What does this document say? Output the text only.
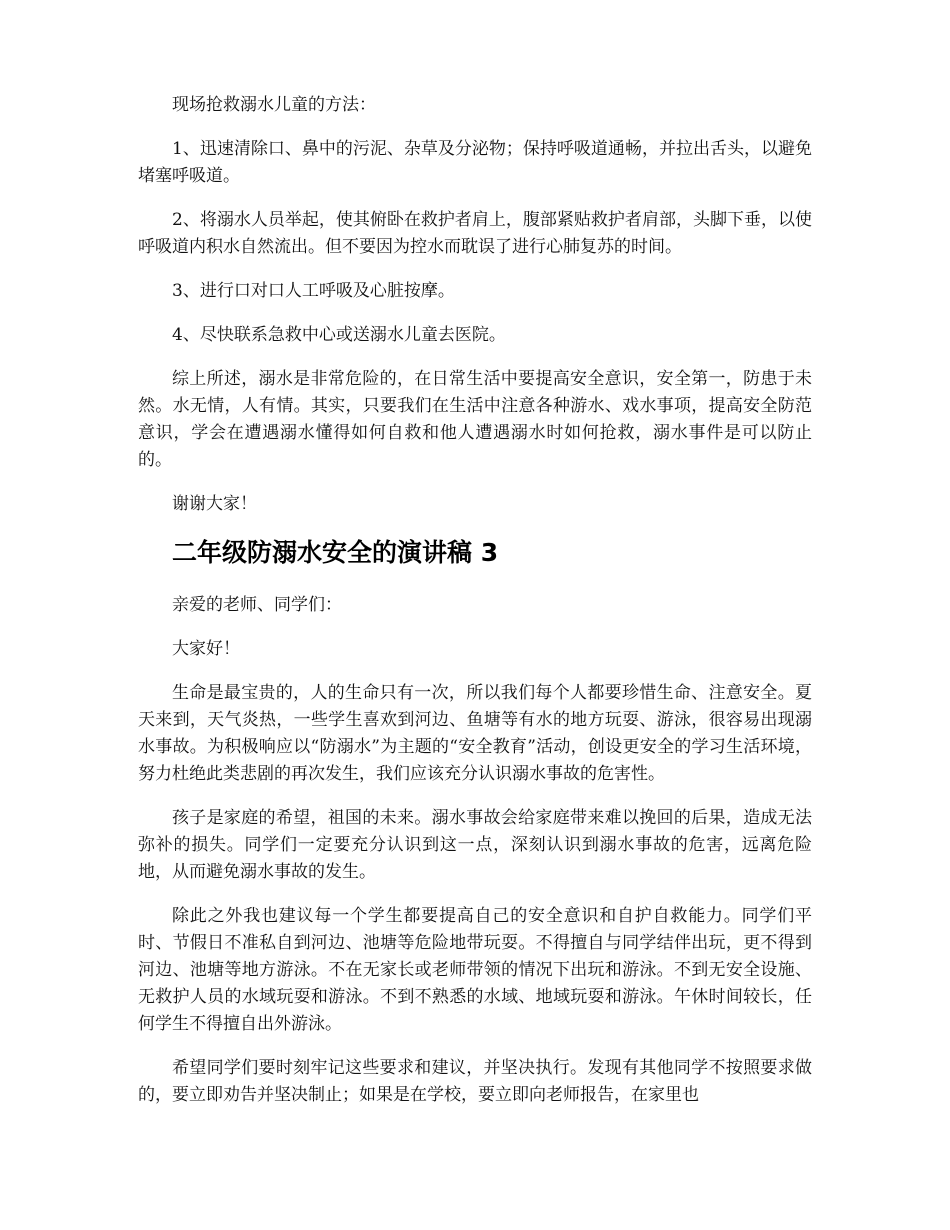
现场抢救溺水儿童的方法：

1、迅速清除口、鼻中的污泥、杂草及分泌物；保持呼吸道通畅，并拉出舌头，以避免堵塞呼吸道。

2、将溺水人员举起，使其俯卧在救护者肩上，腹部紧贴救护者肩部，头脚下垂，以使呼吸道内积水自然流出。但不要因为控水而耽误了进行心肺复苏的时间。

3、进行口对口人工呼吸及心脏按摩。

4、尽快联系急救中心或送溺水儿童去医院。

综上所述，溺水是非常危险的，在日常生活中要提高安全意识，安全第一，防患于未然。水无情，人有情。其实，只要我们在生活中注意各种游水、戏水事项，提高安全防范意识，学会在遭遇溺水懂得如何自救和他人遭遇溺水时如何抢救，溺水事件是可以防止的。

谢谢大家！

二年级防溺水安全的演讲稿 3

亲爱的老师、同学们：

大家好！

生命是最宝贵的，人的生命只有一次，所以我们每个人都要珍惜生命、注意安全。夏天来到，天气炎热，一些学生喜欢到河边、鱼塘等有水的地方玩耍、游泳，很容易出现溺水事故。为积极响应以“防溺水”为主题的“安全教育”活动，创设更安全的学习生活环境，努力杜绝此类悲剧的再次发生，我们应该充分认识溺水事故的危害性。

孩子是家庭的希望，祖国的未来。溺水事故会给家庭带来难以挽回的后果，造成无法弥补的损失。同学们一定要充分认识到这一点，深刻认识到溺水事故的危害，远离危险地，从而避免溺水事故的发生。

除此之外我也建议每一个学生都要提高自己的安全意识和自护自救能力。同学们平时、节假日不准私自到河边、池塘等危险地带玩耍。不得擅自与同学结伴出玩，更不得到河边、池塘等地方游泳。不在无家长或老师带领的情况下出玩和游泳。不到无安全设施、无救护人员的水域玩耍和游泳。不到不熟悉的水域、地域玩耍和游泳。午休时间较长，任何学生不得擅自出外游泳。

希望同学们要时刻牢记这些要求和建议，并坚决执行。发现有其他同学不按照要求做的，要立即劝告并坚决制止；如果是在学校，要立即向老师报告，在家里也
